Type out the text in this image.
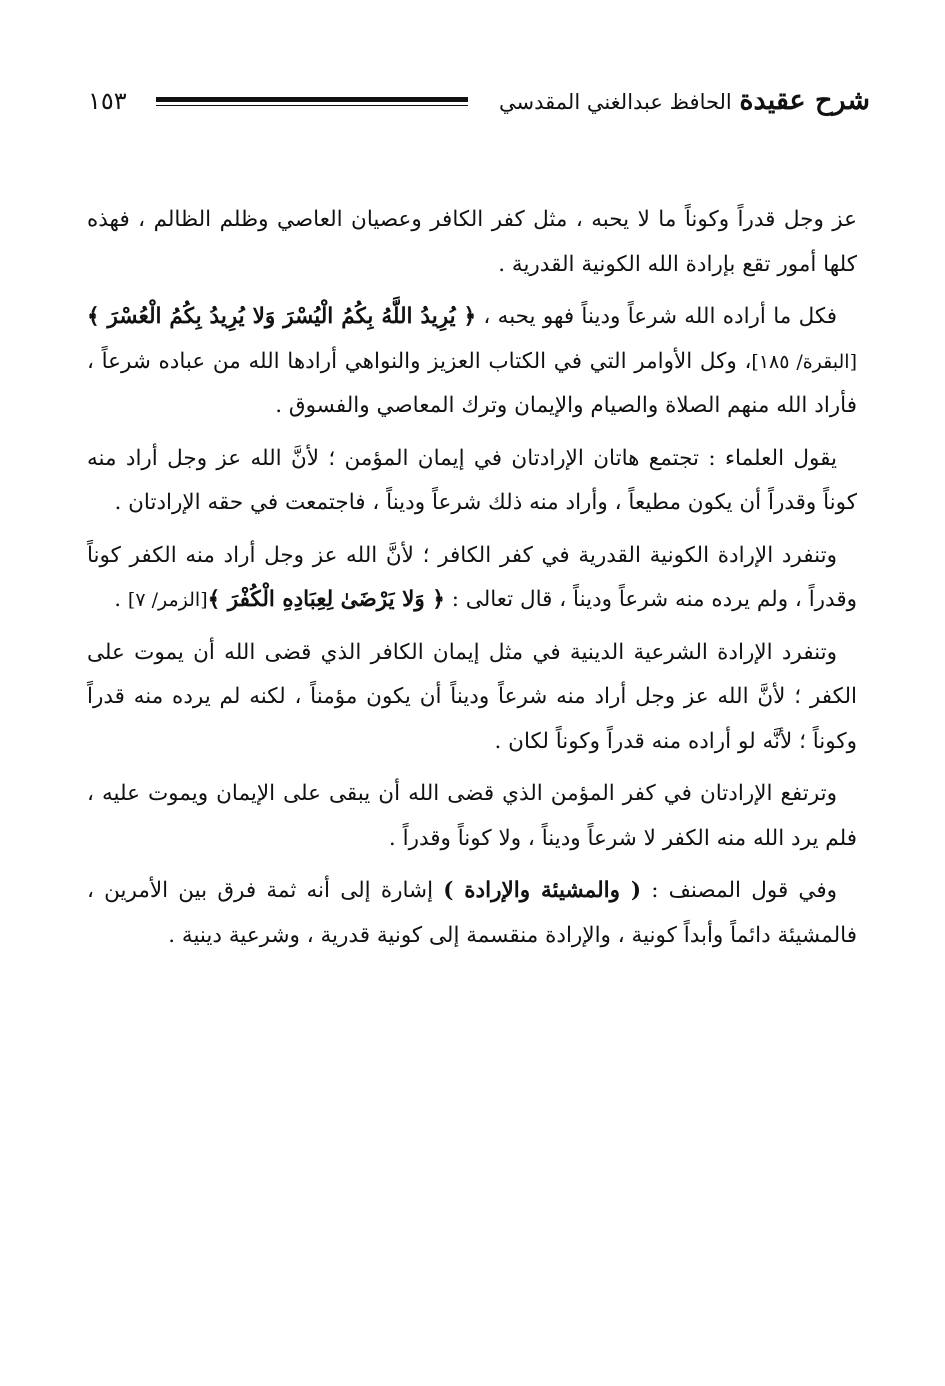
شرح عقيدة الحافظ عبدالغني المقدسي
١٥٣

عز وجل قدراً وكوناً ما لا يحبه ، مثل كفر الكافر وعصيان العاصي وظلم الظالم ، فهذه كلها أمور تقع بإرادة الله الكونية القدرية .

فكل ما أراده الله شرعاً وديناً فهو يحبه ، ﴿ يُرِيدُ اللَّهُ بِكُمُ الْيُسْرَ وَلا يُرِيدُ بِكُمُ الْعُسْرَ ﴾[البقرة/ ١٨٥]، وكل الأوامر التي في الكتاب العزيز والنواهي أرادها الله من عباده شرعاً ، فأراد الله منهم الصلاة والصيام والإيمان وترك المعاصي والفسوق .

يقول العلماء : تجتمع هاتان الإرادتان في إيمان المؤمن ؛ لأنَّ الله عز وجل أراد منه كوناً وقدراً أن يكون مطيعاً ، وأراد منه ذلك شرعاً وديناً ، فاجتمعت في حقه الإرادتان .

وتنفرد الإرادة الكونية القدرية في كفر الكافر ؛ لأنَّ الله عز وجل أراد منه الكفر كوناً وقدراً ، ولم يرده منه شرعاً وديناً ، قال تعالى : ﴿ وَلا يَرْضَىٰ لِعِبَادِهِ الْكُفْرَ ﴾[الزمر/ ٧] .

وتنفرد الإرادة الشرعية الدينية في مثل إيمان الكافر الذي قضى الله أن يموت على الكفر ؛ لأنَّ الله عز وجل أراد منه شرعاً وديناً أن يكون مؤمناً ، لكنه لم يرده منه قدراً وكوناً ؛ لأنَّه لو أراده منه قدراً وكوناً لكان .

وترتفع الإرادتان في كفر المؤمن الذي قضى الله أن يبقى على الإيمان ويموت عليه ، فلم يرد الله منه الكفر لا شرعاً وديناً ، ولا كوناً وقدراً .

وفي قول المصنف : ( والمشيئة والإرادة ) إشارة إلى أنه ثمة فرق بين الأمرين ، فالمشيئة دائماً وأبداً كونية ، والإرادة منقسمة إلى كونية قدرية ، وشرعية دينية .
